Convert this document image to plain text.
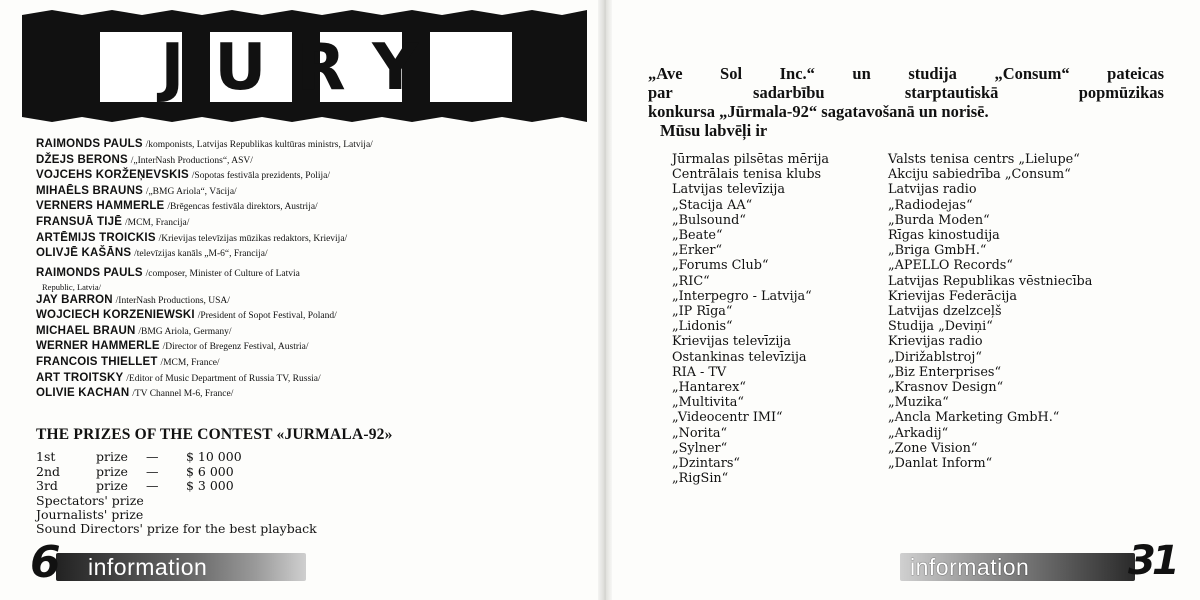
JURY
RAIMONDS PAULS /komponists, Latvijas Republikas kultūras ministrs, Latvija/
DŽEJS BERONS /„InterNash Productions“, ASV/
VOJCEHS KORŽEŅEVSKIS /Sopotas festivāla prezidents, Polija/
MIHAĒLS BRAUNS /„BMG Ariola“, Vācija/
VERNERS HAMMERLE /Brēgencas festivāla direktors, Austrija/
FRANSUĀ TIJĒ /MCM, Francija/
ARTĒMIJS TROICKIS /Krievijas televīzijas mūzikas redaktors, Krievija/
OLIVJĒ KAŠĀNS /televīzijas kanāls „M-6“, Francija/
RAIMONDS PAULS /composer, Minister of Culture of Latvia
Republic, Latvia/
JAY BARRON /InterNash Productions, USA/
WOJCIECH KORZENIEWSKI /President of Sopot Festival, Poland/
MICHAEL BRAUN /BMG Ariola, Germany/
WERNER HAMMERLE /Director of Bregenz Festival, Austria/
FRANCOIS THIELLET /MCM, France/
ART TROITSKY /Editor of Music Department of Russia TV, Russia/
OLIVIE KACHAN /TV Channel M-6, France/
THE PRIZES OF THE CONTEST «JURMALA-92»
1st	prize — $ 10 000
2nd	prize — $ 6 000
3rd	prize — $ 3 000
Spectators' prize
Journalists' prize
Sound Directors' prize for the best playback
6 information
„Ave Sol Inc.“ un studija „Consum“ pateicas
par	sadarbību	starptautiskā	popmūzikas
konkursa „Jūrmala-92“ sagatavošanā un norisē.
Mūsu labvēļi ir
Jūrmalas pilsētas mērija
Centrālais tenisa klubs
Latvijas televīzija
„Stacija AA“
„Bulsound“
„Beate“
„Erker“
„Forums Club“
„RIC“
„Interpegro - Latvija“
„IP Rīga“
„Lidonis“
Krievijas televīzija
Ostankinas televīzija
RIA - TV
„Hantarex“
„Multivita“
„Videocentr IMI“
„Norita“
„Sylner“
„Dzintars“
„RigSin“
Valsts tenisa centrs „Lielupe“
Akciju sabiedrība „Consum“
Latvijas radio
„Radiodejas“
„Burda Moden“
Rīgas kinostudija
„Briga GmbH.“
„APELLO Records“
Latvijas Republikas vēstniecība
Krievijas Federācija
Latvijas dzelzceļš
Studija „Deviņi“
Krievijas radio
„Dirižablstroj“
„Biz Enterprises“
„Krasnov Design“
„Muzika“
„Ancla Marketing GmbH.“
„Arkadij“
„Zone Vision“
„Danlat Inform“
information 31
